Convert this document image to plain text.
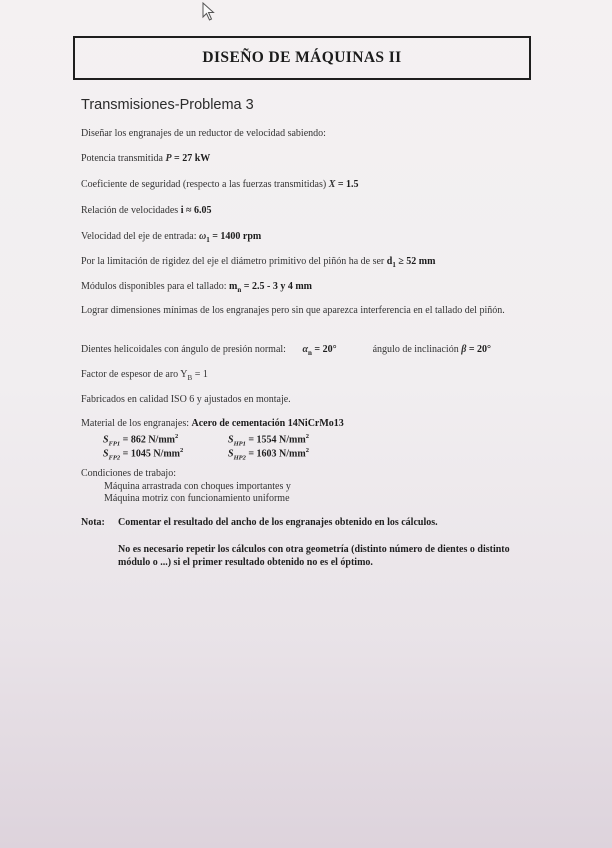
DISEÑO DE MÁQUINAS II
Transmisiones-Problema 3
Diseñar los engranajes de un reductor de velocidad sabiendo:
Potencia transmitida P = 27 kW
Coeficiente de seguridad (respecto a las fuerzas transmitidas) X = 1.5
Relación de velocidades i ≈ 6.05
Velocidad del eje de entrada: $\omega_1 = 1400$ rpm
Por la limitación de rigidez del eje el diámetro primitivo del piñón ha de ser $d_1 \ge 52$ mm
Módulos disponibles para el tallado: $m_n = 2.5 - 3$ y 4 mm
Lograr dimensiones mínimas de los engranajes pero sin que aparezca interferencia en el tallado del piñón.
Dientes helicoidales con ángulo de presión normal: $\alpha_n = 20^\circ$	ángulo de inclinación β = 20°
Factor de espesor de aro $Y_B = 1$
Fabricados en calidad ISO 6 y ajustados en montaje.
Material de los engranajes: Acero de cementación 14NiCrMo13
$S_{FP1} = 862$ $N/mm^2$	$S_{HP1} = 1554$ $N/mm^2$
$S_{FP2} = 1045$ $N/mm^2$	$S_{HP2} = 1603$ $N/mm^2$
Condiciones de trabajo:
Máquina arrastrada con choques importantes y
Máquina motriz con funcionamiento uniforme
Nota: Comentar el resultado del ancho de los engranajes obtenido en los cálculos.
No es necesario repetir los cálculos con otra geometría (distinto número de dientes o distinto módulo o ...) si el primer resultado obtenido no es el óptimo.
